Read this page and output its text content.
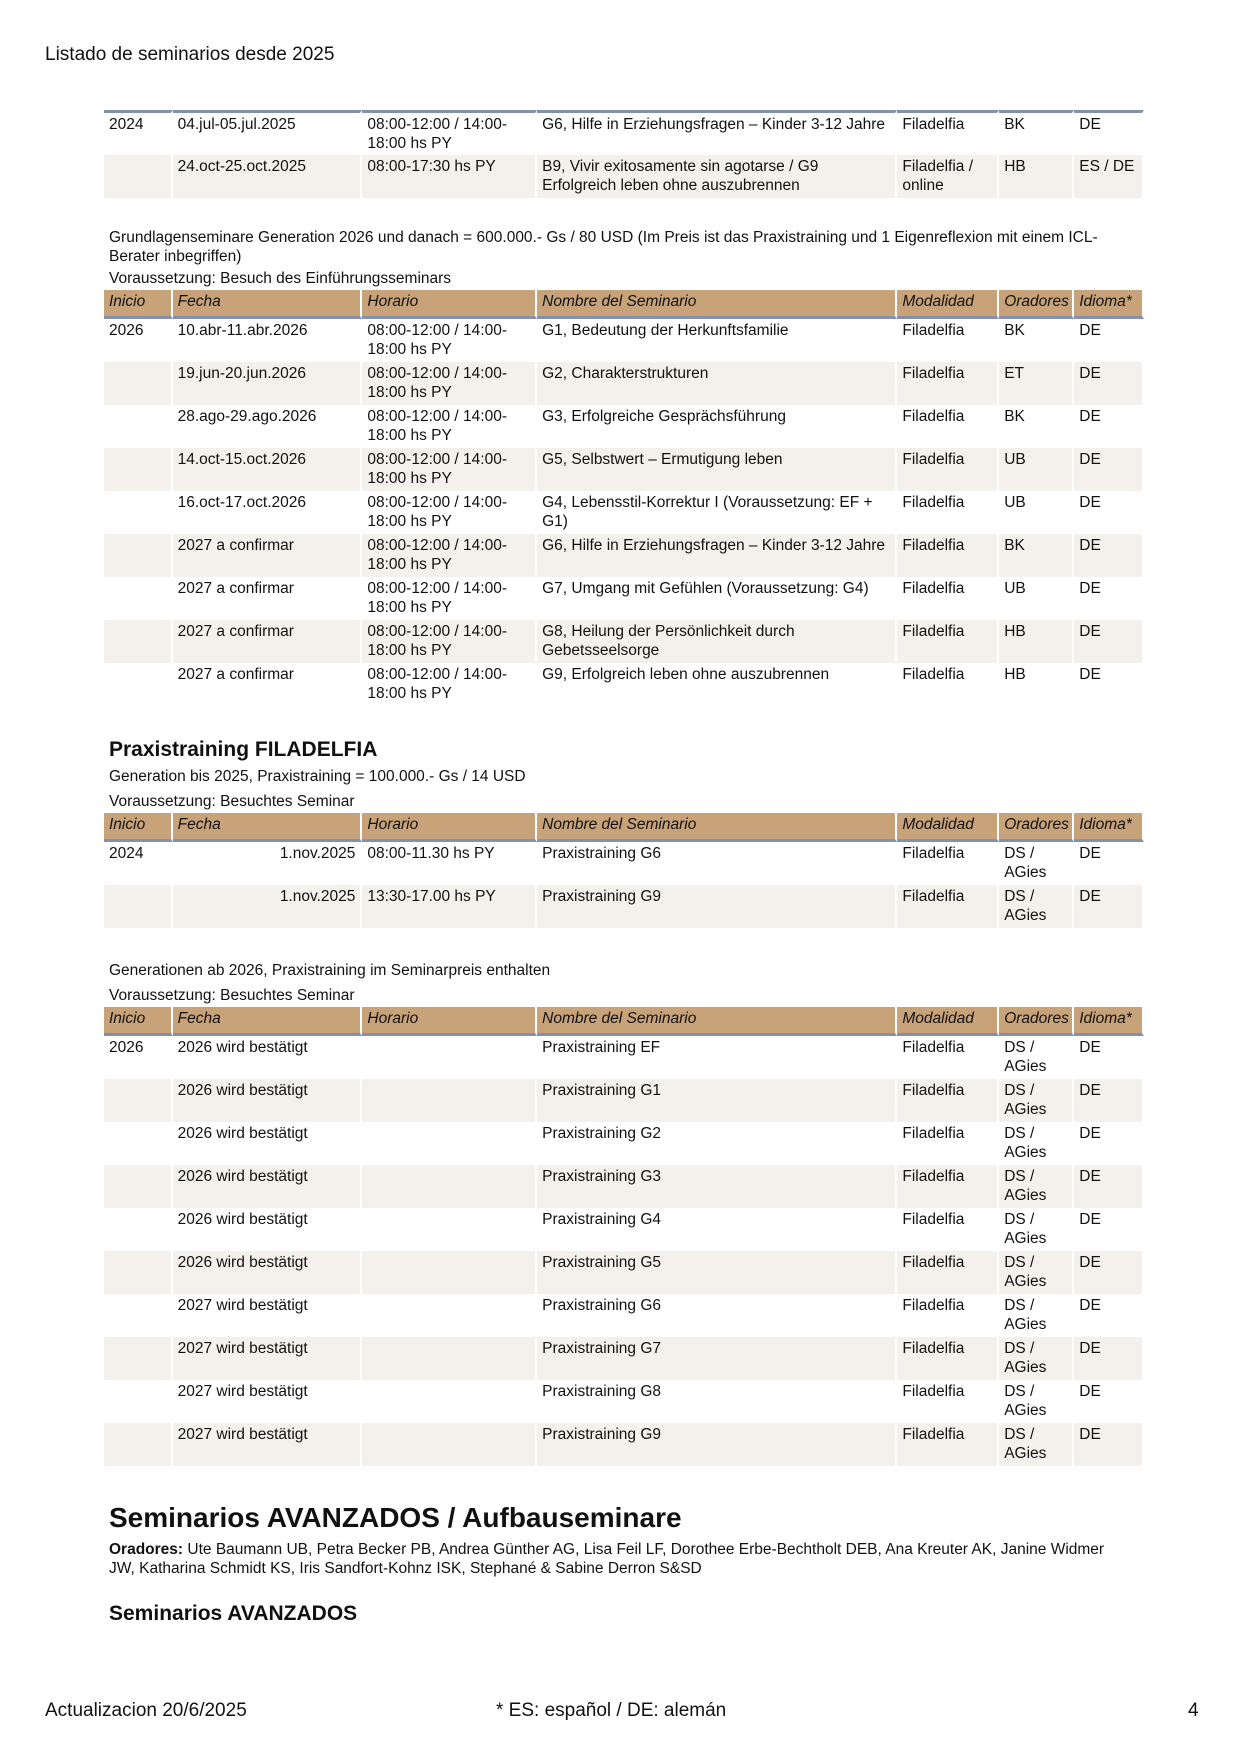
Listado de seminarios desde 2025
2024	04.jul-05.jul.2025	08:00-12:00 / 14:00-18:00 hs PY	G6, Hilfe in Erziehungsfragen – Kinder 3-12 Jahre	Filadelfia	BK	DE
	24.oct-25.oct.2025	08:00-17:30 hs PY	B9, Vivir exitosamente sin agotarse / G9 Erfolgreich leben ohne auszubrennen	Filadelfia / online	HB	ES / DE
Grundlagenseminare Generation 2026 und danach = 600.000.- Gs / 80 USD (Im Preis ist das Praxistraining und 1 Eigenreflexion mit einem ICL-Berater inbegriffen)
Voraussetzung: Besuch des Einführungsseminars
Inicio	Fecha	Horario	Nombre del Seminario	Modalidad	Oradores	Idioma*
2026	10.abr-11.abr.2026	08:00-12:00 / 14:00-18:00 hs PY	G1, Bedeutung der Herkunftsfamilie	Filadelfia	BK	DE
	19.jun-20.jun.2026	08:00-12:00 / 14:00-18:00 hs PY	G2, Charakterstrukturen	Filadelfia	ET	DE
	28.ago-29.ago.2026	08:00-12:00 / 14:00-18:00 hs PY	G3, Erfolgreiche Gesprächsführung	Filadelfia	BK	DE
	14.oct-15.oct.2026	08:00-12:00 / 14:00-18:00 hs PY	G5, Selbstwert – Ermutigung leben	Filadelfia	UB	DE
	16.oct-17.oct.2026	08:00-12:00 / 14:00-18:00 hs PY	G4, Lebensstil-Korrektur I (Voraussetzung: EF + G1)	Filadelfia	UB	DE
	2027 a confirmar	08:00-12:00 / 14:00-18:00 hs PY	G6, Hilfe in Erziehungsfragen – Kinder 3-12 Jahre	Filadelfia	BK	DE
	2027 a confirmar	08:00-12:00 / 14:00-18:00 hs PY	G7, Umgang mit Gefühlen (Voraussetzung: G4)	Filadelfia	UB	DE
	2027 a confirmar	08:00-12:00 / 14:00-18:00 hs PY	G8, Heilung der Persönlichkeit durch Gebetsseelsorge	Filadelfia	HB	DE
	2027 a confirmar	08:00-12:00 / 14:00-18:00 hs PY	G9, Erfolgreich leben ohne auszubrennen	Filadelfia	HB	DE
Praxistraining FILADELFIA
Generation bis 2025, Praxistraining = 100.000.- Gs / 14 USD
Voraussetzung: Besuchtes Seminar
Inicio	Fecha	Horario	Nombre del Seminario	Modalidad	Oradores	Idioma*
2024	1.nov.2025	08:00-11.30 hs PY	Praxistraining G6	Filadelfia	DS / AGies	DE
	1.nov.2025	13:30-17.00 hs PY	Praxistraining G9	Filadelfia	DS / AGies	DE
Generationen ab 2026, Praxistraining im Seminarpreis enthalten
Voraussetzung: Besuchtes Seminar
Inicio	Fecha	Horario	Nombre del Seminario	Modalidad	Oradores	Idioma*
2026	2026 wird bestätigt		Praxistraining EF	Filadelfia	DS / AGies	DE
	2026 wird bestätigt		Praxistraining G1	Filadelfia	DS / AGies	DE
	2026 wird bestätigt		Praxistraining G2	Filadelfia	DS / AGies	DE
	2026 wird bestätigt		Praxistraining G3	Filadelfia	DS / AGies	DE
	2026 wird bestätigt		Praxistraining G4	Filadelfia	DS / AGies	DE
	2026 wird bestätigt		Praxistraining G5	Filadelfia	DS / AGies	DE
	2027 wird bestätigt		Praxistraining G6	Filadelfia	DS / AGies	DE
	2027 wird bestätigt		Praxistraining G7	Filadelfia	DS / AGies	DE
	2027 wird bestätigt		Praxistraining G8	Filadelfia	DS / AGies	DE
	2027 wird bestätigt		Praxistraining G9	Filadelfia	DS / AGies	DE
Seminarios AVANZADOS / Aufbauseminare
Oradores: Ute Baumann UB, Petra Becker PB, Andrea Günther AG, Lisa Feil LF, Dorothee Erbe-Bechtholt DEB, Ana Kreuter AK, Janine Widmer JW, Katharina Schmidt KS, Iris Sandfort-Kohnz ISK, Stephané & Sabine Derron S&SD
Seminarios AVANZADOS
Actualizacion 20/6/2025	* ES: español / DE: alemán	4
